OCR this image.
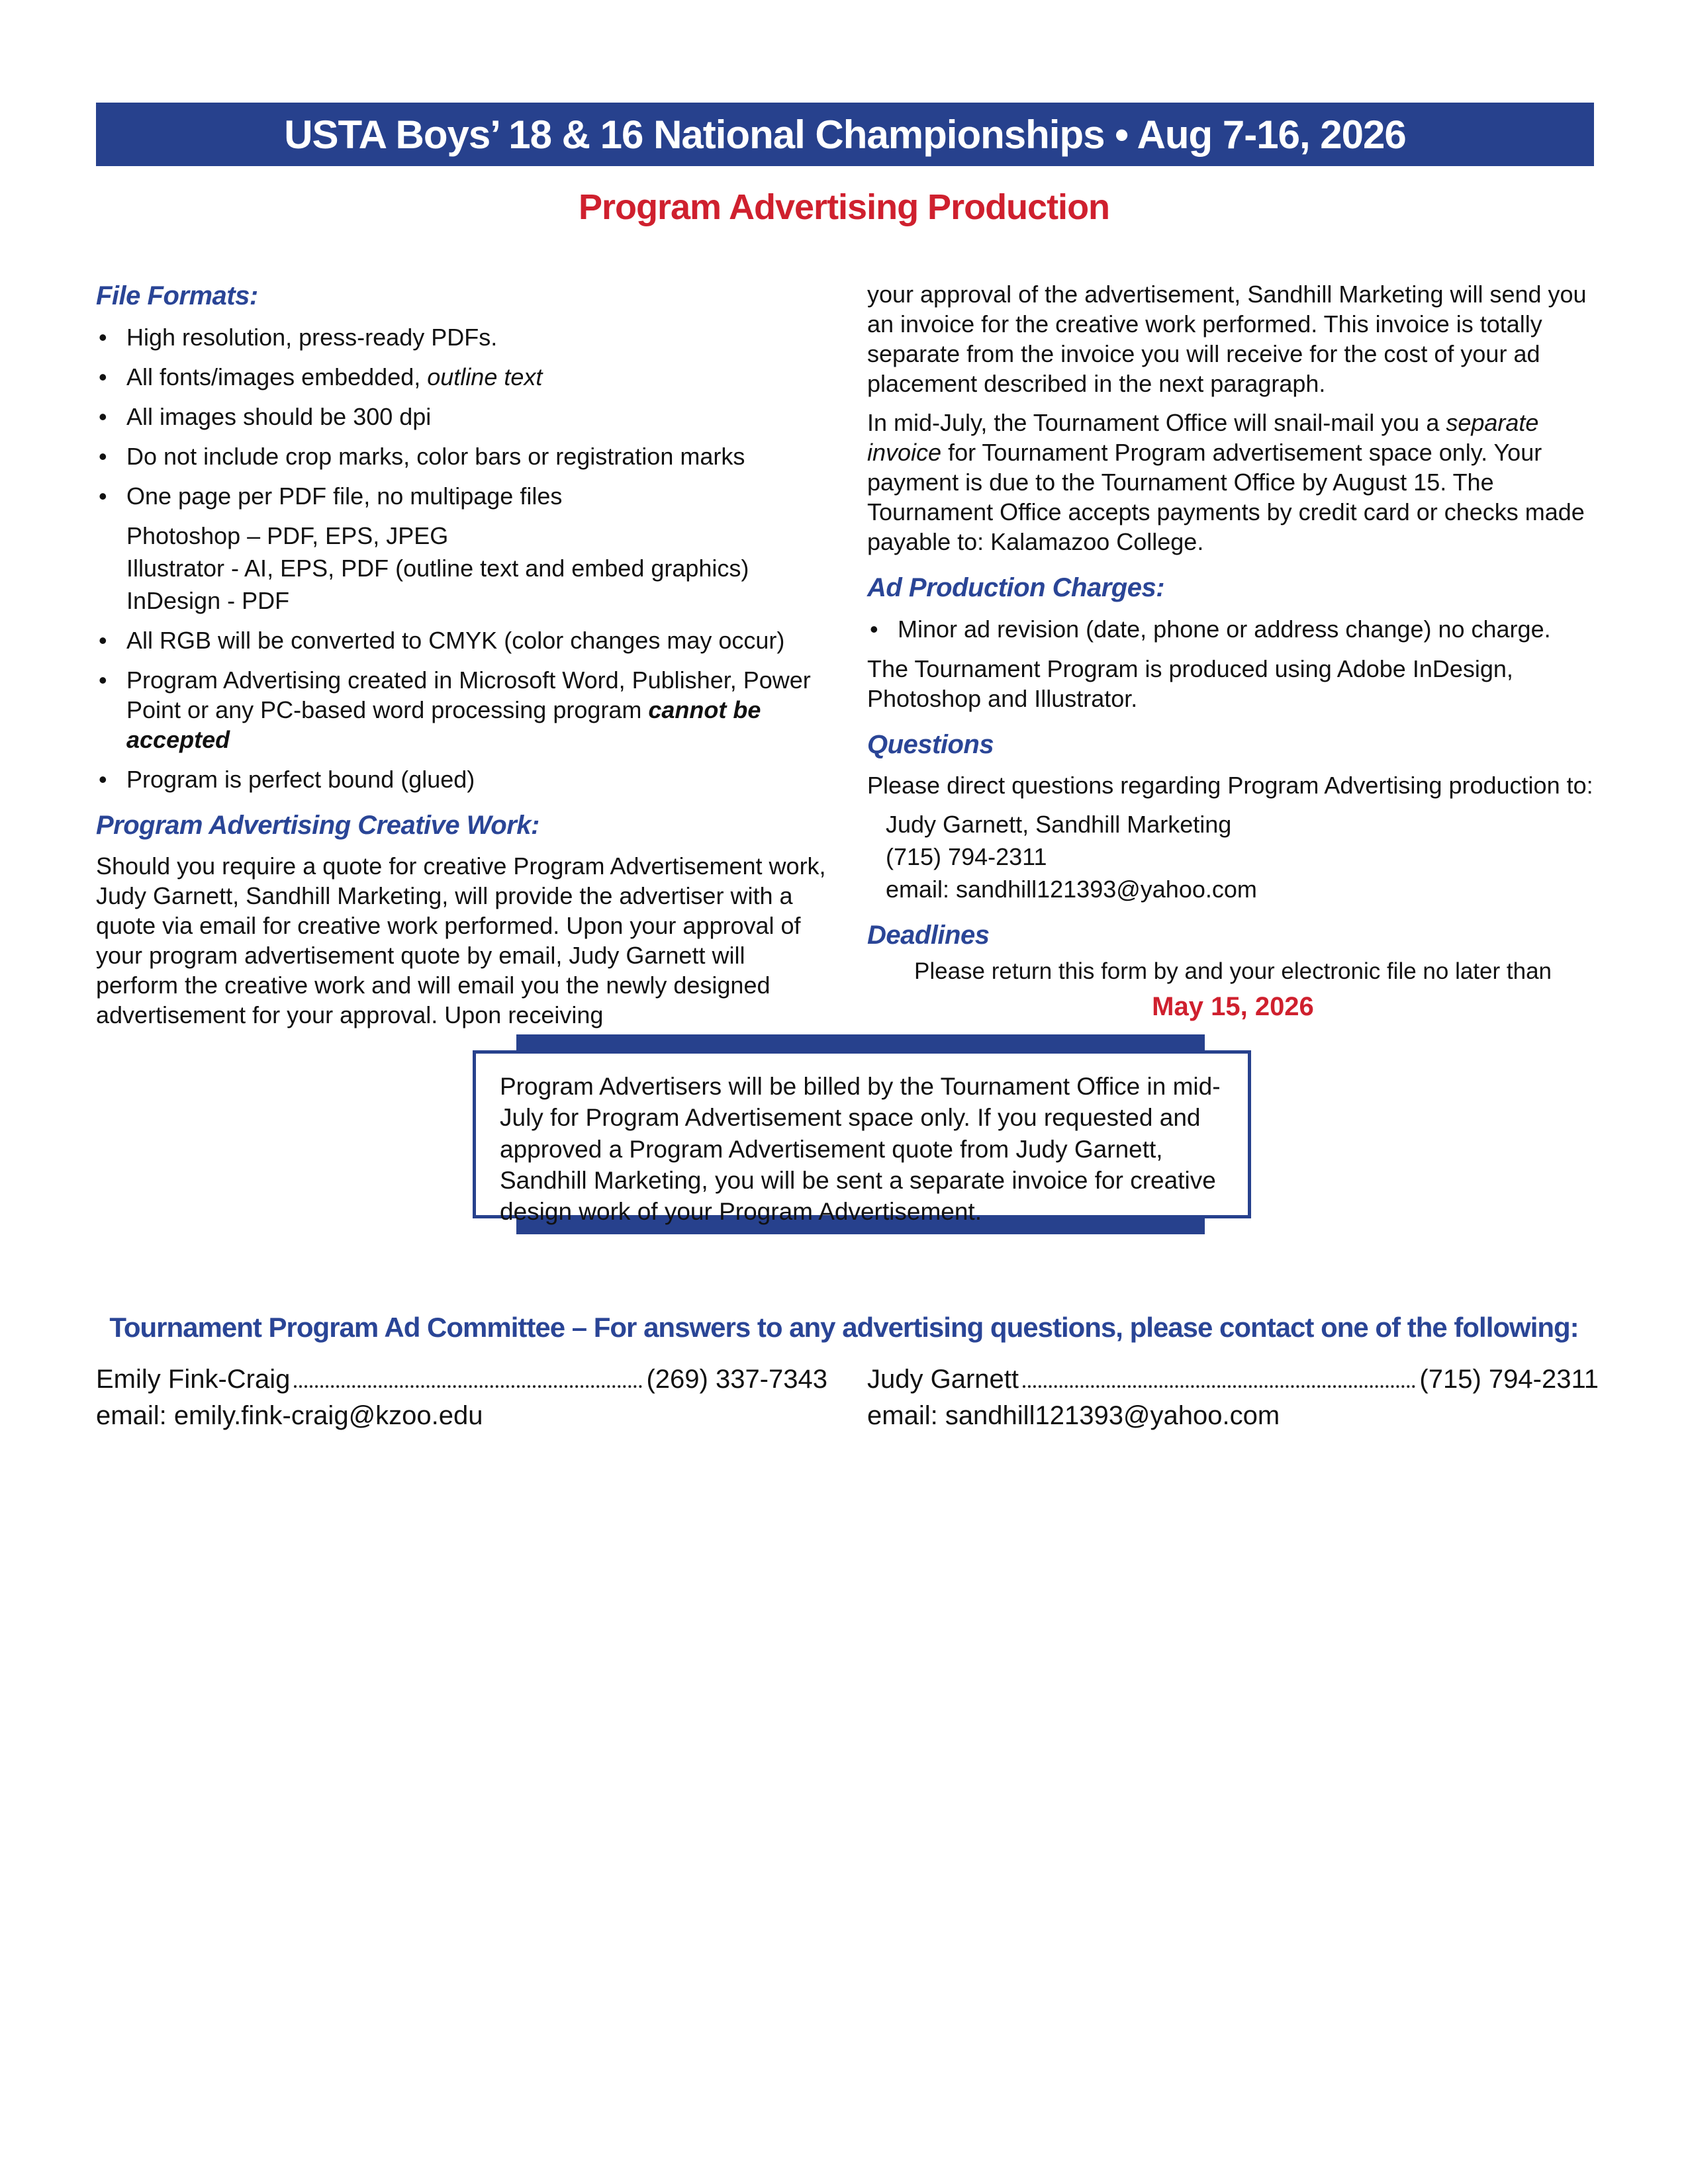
USTA Boys’ 18 & 16 National Championships • Aug 7-16, 2026
Program Advertising Production
File Formats:
• High resolution, press-ready PDFs.
• All fonts/images embedded, outline text
• All images should be 300 dpi
• Do not include crop marks, color bars or registration marks
• One page per PDF file, no multipage files
Photoshop – PDF, EPS, JPEG
Illustrator - AI, EPS, PDF (outline text and embed graphics)
InDesign - PDF
• All RGB will be converted to CMYK (color changes may occur)
• Program Advertising created in Microsoft Word, Publisher, Power Point or any PC-based word processing program cannot be accepted
• Program is perfect bound (glued)
Program Advertising Creative Work:
Should you require a quote for creative Program Advertisement work, Judy Garnett, Sandhill Marketing, will provide the advertiser with a quote via email for creative work performed. Upon your approval of your program advertisement quote by email, Judy Garnett will perform the creative work and will email you the newly designed advertisement for your approval. Upon receiving
your approval of the advertisement, Sandhill Marketing will send you an invoice for the creative work performed. This invoice is totally separate from the invoice you will receive for the cost of your ad placement described in the next paragraph.
In mid-July, the Tournament Office will snail-mail you a separate invoice for Tournament Program advertisement space only. Your payment is due to the Tournament Office by August 15. The Tournament Office accepts payments by credit card or checks made payable to: Kalamazoo College.
Ad Production Charges:
• Minor ad revision (date, phone or address change) no charge.
The Tournament Program is produced using Adobe InDesign, Photoshop and Illustrator.
Questions
Please direct questions regarding Program Advertising production to:
Judy Garnett, Sandhill Marketing
(715) 794-2311
email: sandhill121393@yahoo.com
Deadlines
Please return this form by and your electronic file no later than
May 15, 2026
Program Advertisers will be billed by the Tournament Office in mid-July for Program Advertisement space only. If you requested and approved a Program Advertisement quote from Judy Garnett, Sandhill Marketing, you will be sent a separate invoice for creative design work of your Program Advertisement.
Tournament Program Ad Committee – For answers to any advertising questions, please contact one of the following:
Emily Fink-Craig	(269) 337-7343
email: emily.fink-craig@kzoo.edu
Judy Garnett	(715) 794-2311
email: sandhill121393@yahoo.com
